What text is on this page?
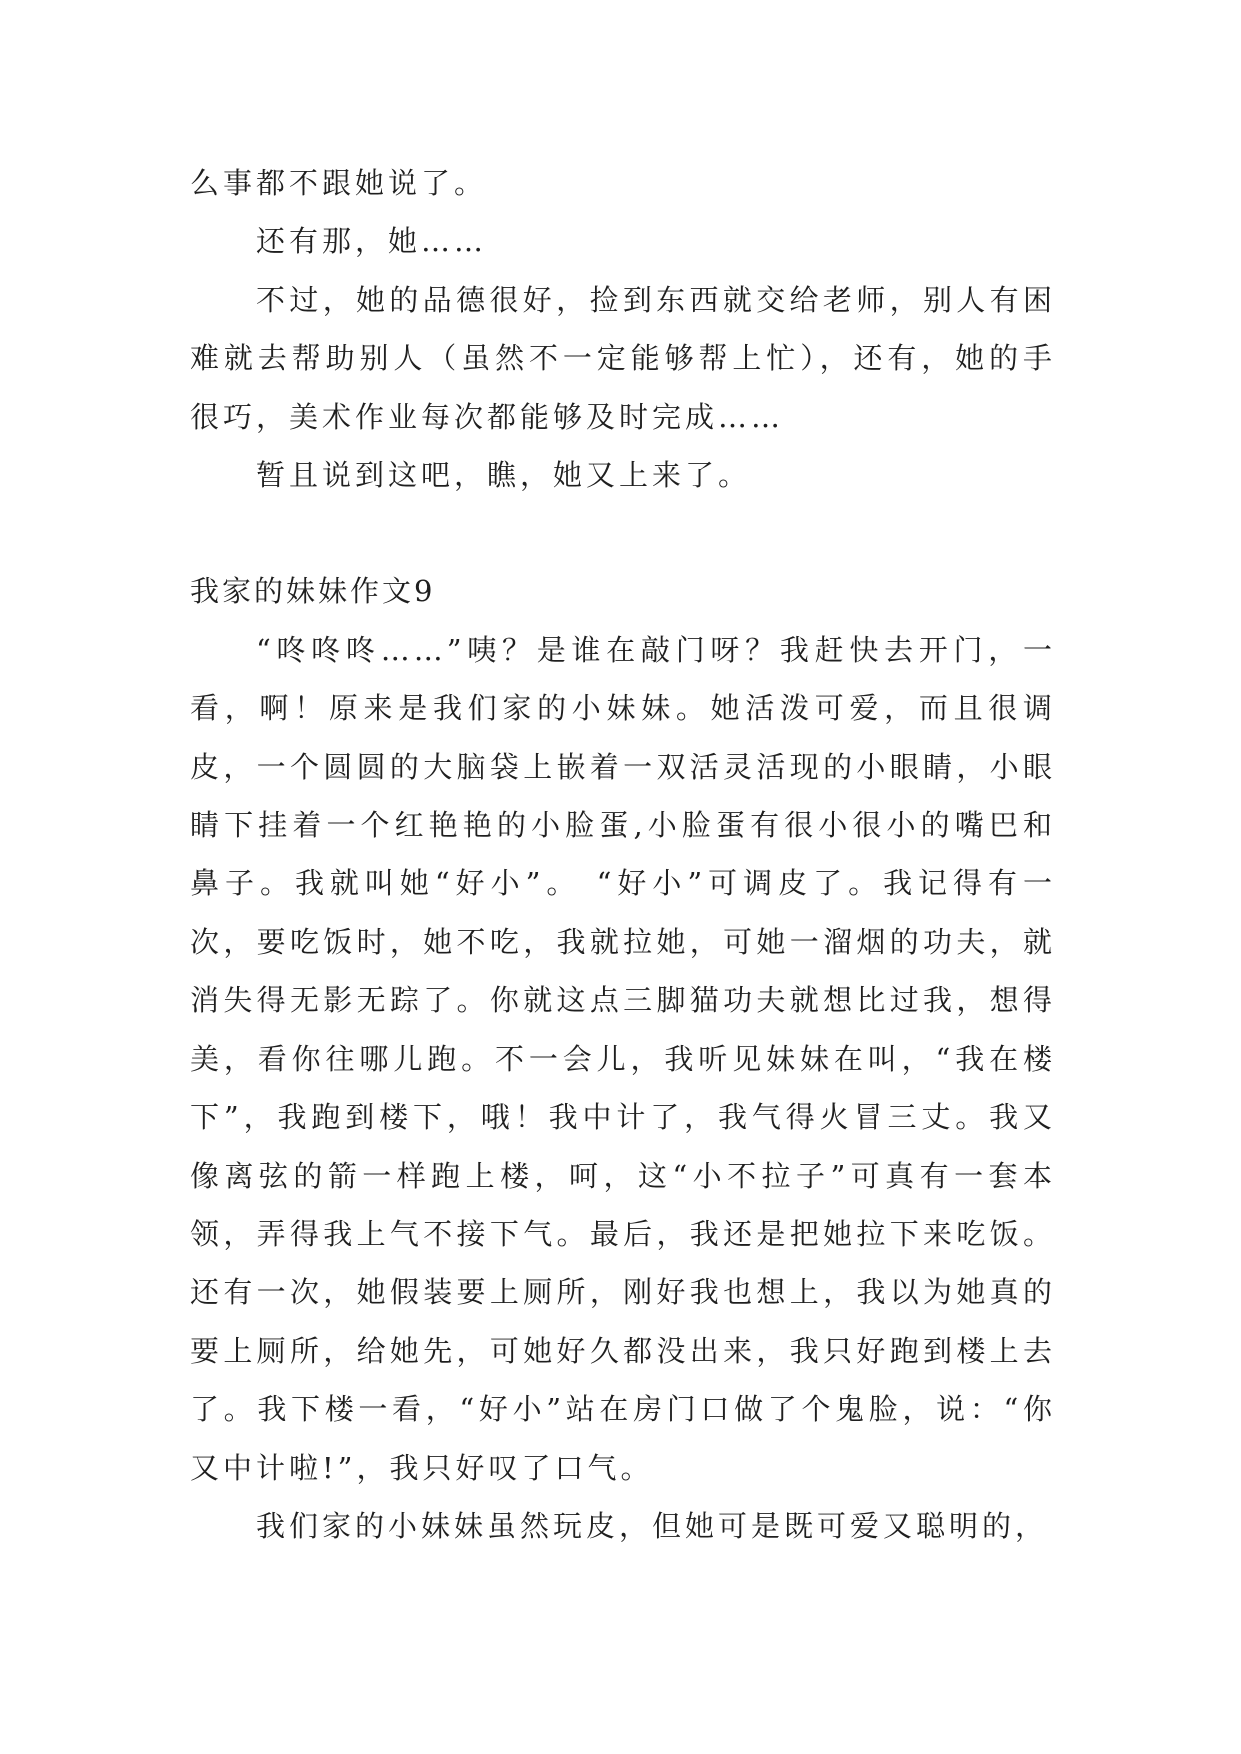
么事都不跟她说了。

还有那，她……

不过，她的品德很好，捡到东西就交给老师，别人有困难就去帮助别人（虽然不一定能够帮上忙），还有，她的手很巧，美术作业每次都能够及时完成……

暂且说到这吧，瞧，她又上来了。

我家的妹妹作文9

“咚咚咚……”咦？是谁在敲门呀？我赶快去开门，一看，啊！原来是我们家的小妹妹。她活泼可爱，而且很调皮，一个圆圆的大脑袋上嵌着一双活灵活现的小眼睛，小眼睛下挂着一个红艳艳的小脸蛋,小脸蛋有很小很小的嘴巴和鼻子。我就叫她“好小”。 “好小”可调皮了。我记得有一次，要吃饭时，她不吃，我就拉她，可她一溜烟的功夫，就消失得无影无踪了。你就这点三脚猫功夫就想比过我，想得美，看你往哪儿跑。不一会儿，我听见妹妹在叫，“我在楼下”，我跑到楼下，哦！我中计了，我气得火冒三丈。我又像离弦的箭一样跑上楼，呵，这“小不拉子”可真有一套本领，弄得我上气不接下气。最后，我还是把她拉下来吃饭。还有一次，她假装要上厕所，刚好我也想上，我以为她真的要上厕所，给她先，可她好久都没出来，我只好跑到楼上去了。我下楼一看，“好小”站在房门口做了个鬼脸，说：“你又中计啦!”，我只好叹了口气。

我们家的小妹妹虽然玩皮，但她可是既可爱又聪明的，
